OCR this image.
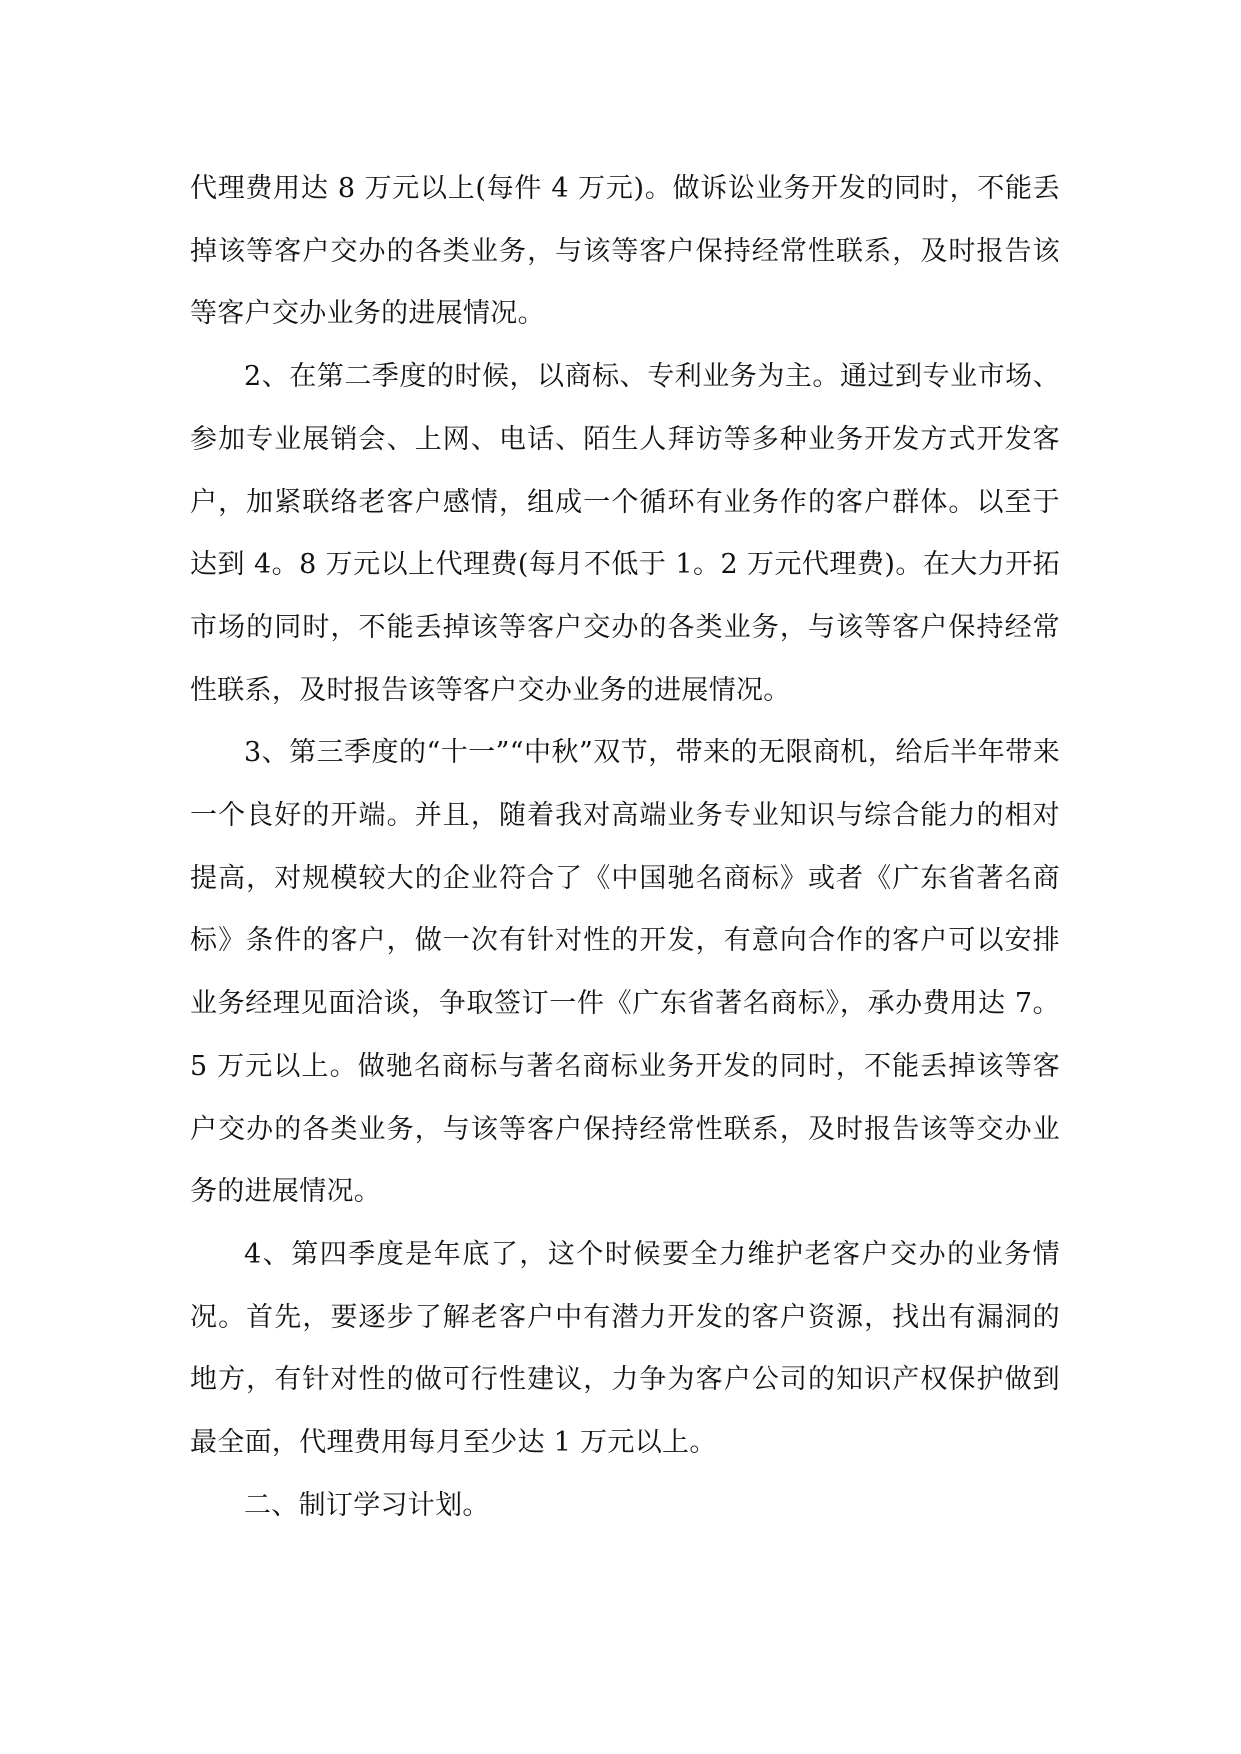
代理费用达 8 万元以上(每件 4 万元)。做诉讼业务开发的同时，不能丢掉该等客户交办的各类业务，与该等客户保持经常性联系，及时报告该等客户交办业务的进展情况。

2、在第二季度的时候，以商标、专利业务为主。通过到专业市场、参加专业展销会、上网、电话、陌生人拜访等多种业务开发方式开发客户，加紧联络老客户感情，组成一个循环有业务作的客户群体。以至于达到 4。8 万元以上代理费(每月不低于 1。2 万元代理费)。在大力开拓市场的同时，不能丢掉该等客户交办的各类业务，与该等客户保持经常性联系，及时报告该等客户交办业务的进展情况。

3、第三季度的“十一”“中秋”双节，带来的无限商机，给后半年带来一个良好的开端。并且，随着我对高端业务专业知识与综合能力的相对提高，对规模较大的企业符合了《中国驰名商标》或者《广东省著名商标》条件的客户，做一次有针对性的开发，有意向合作的客户可以安排业务经理见面洽谈，争取签订一件《广东省著名商标》，承办费用达 7。5 万元以上。做驰名商标与著名商标业务开发的同时，不能丢掉该等客户交办的各类业务，与该等客户保持经常性联系，及时报告该等交办业务的进展情况。

4、第四季度是年底了，这个时候要全力维护老客户交办的业务情况。首先，要逐步了解老客户中有潜力开发的客户资源，找出有漏洞的地方，有针对性的做可行性建议，力争为客户公司的知识产权保护做到最全面，代理费用每月至少达 1 万元以上。

二、制订学习计划。
